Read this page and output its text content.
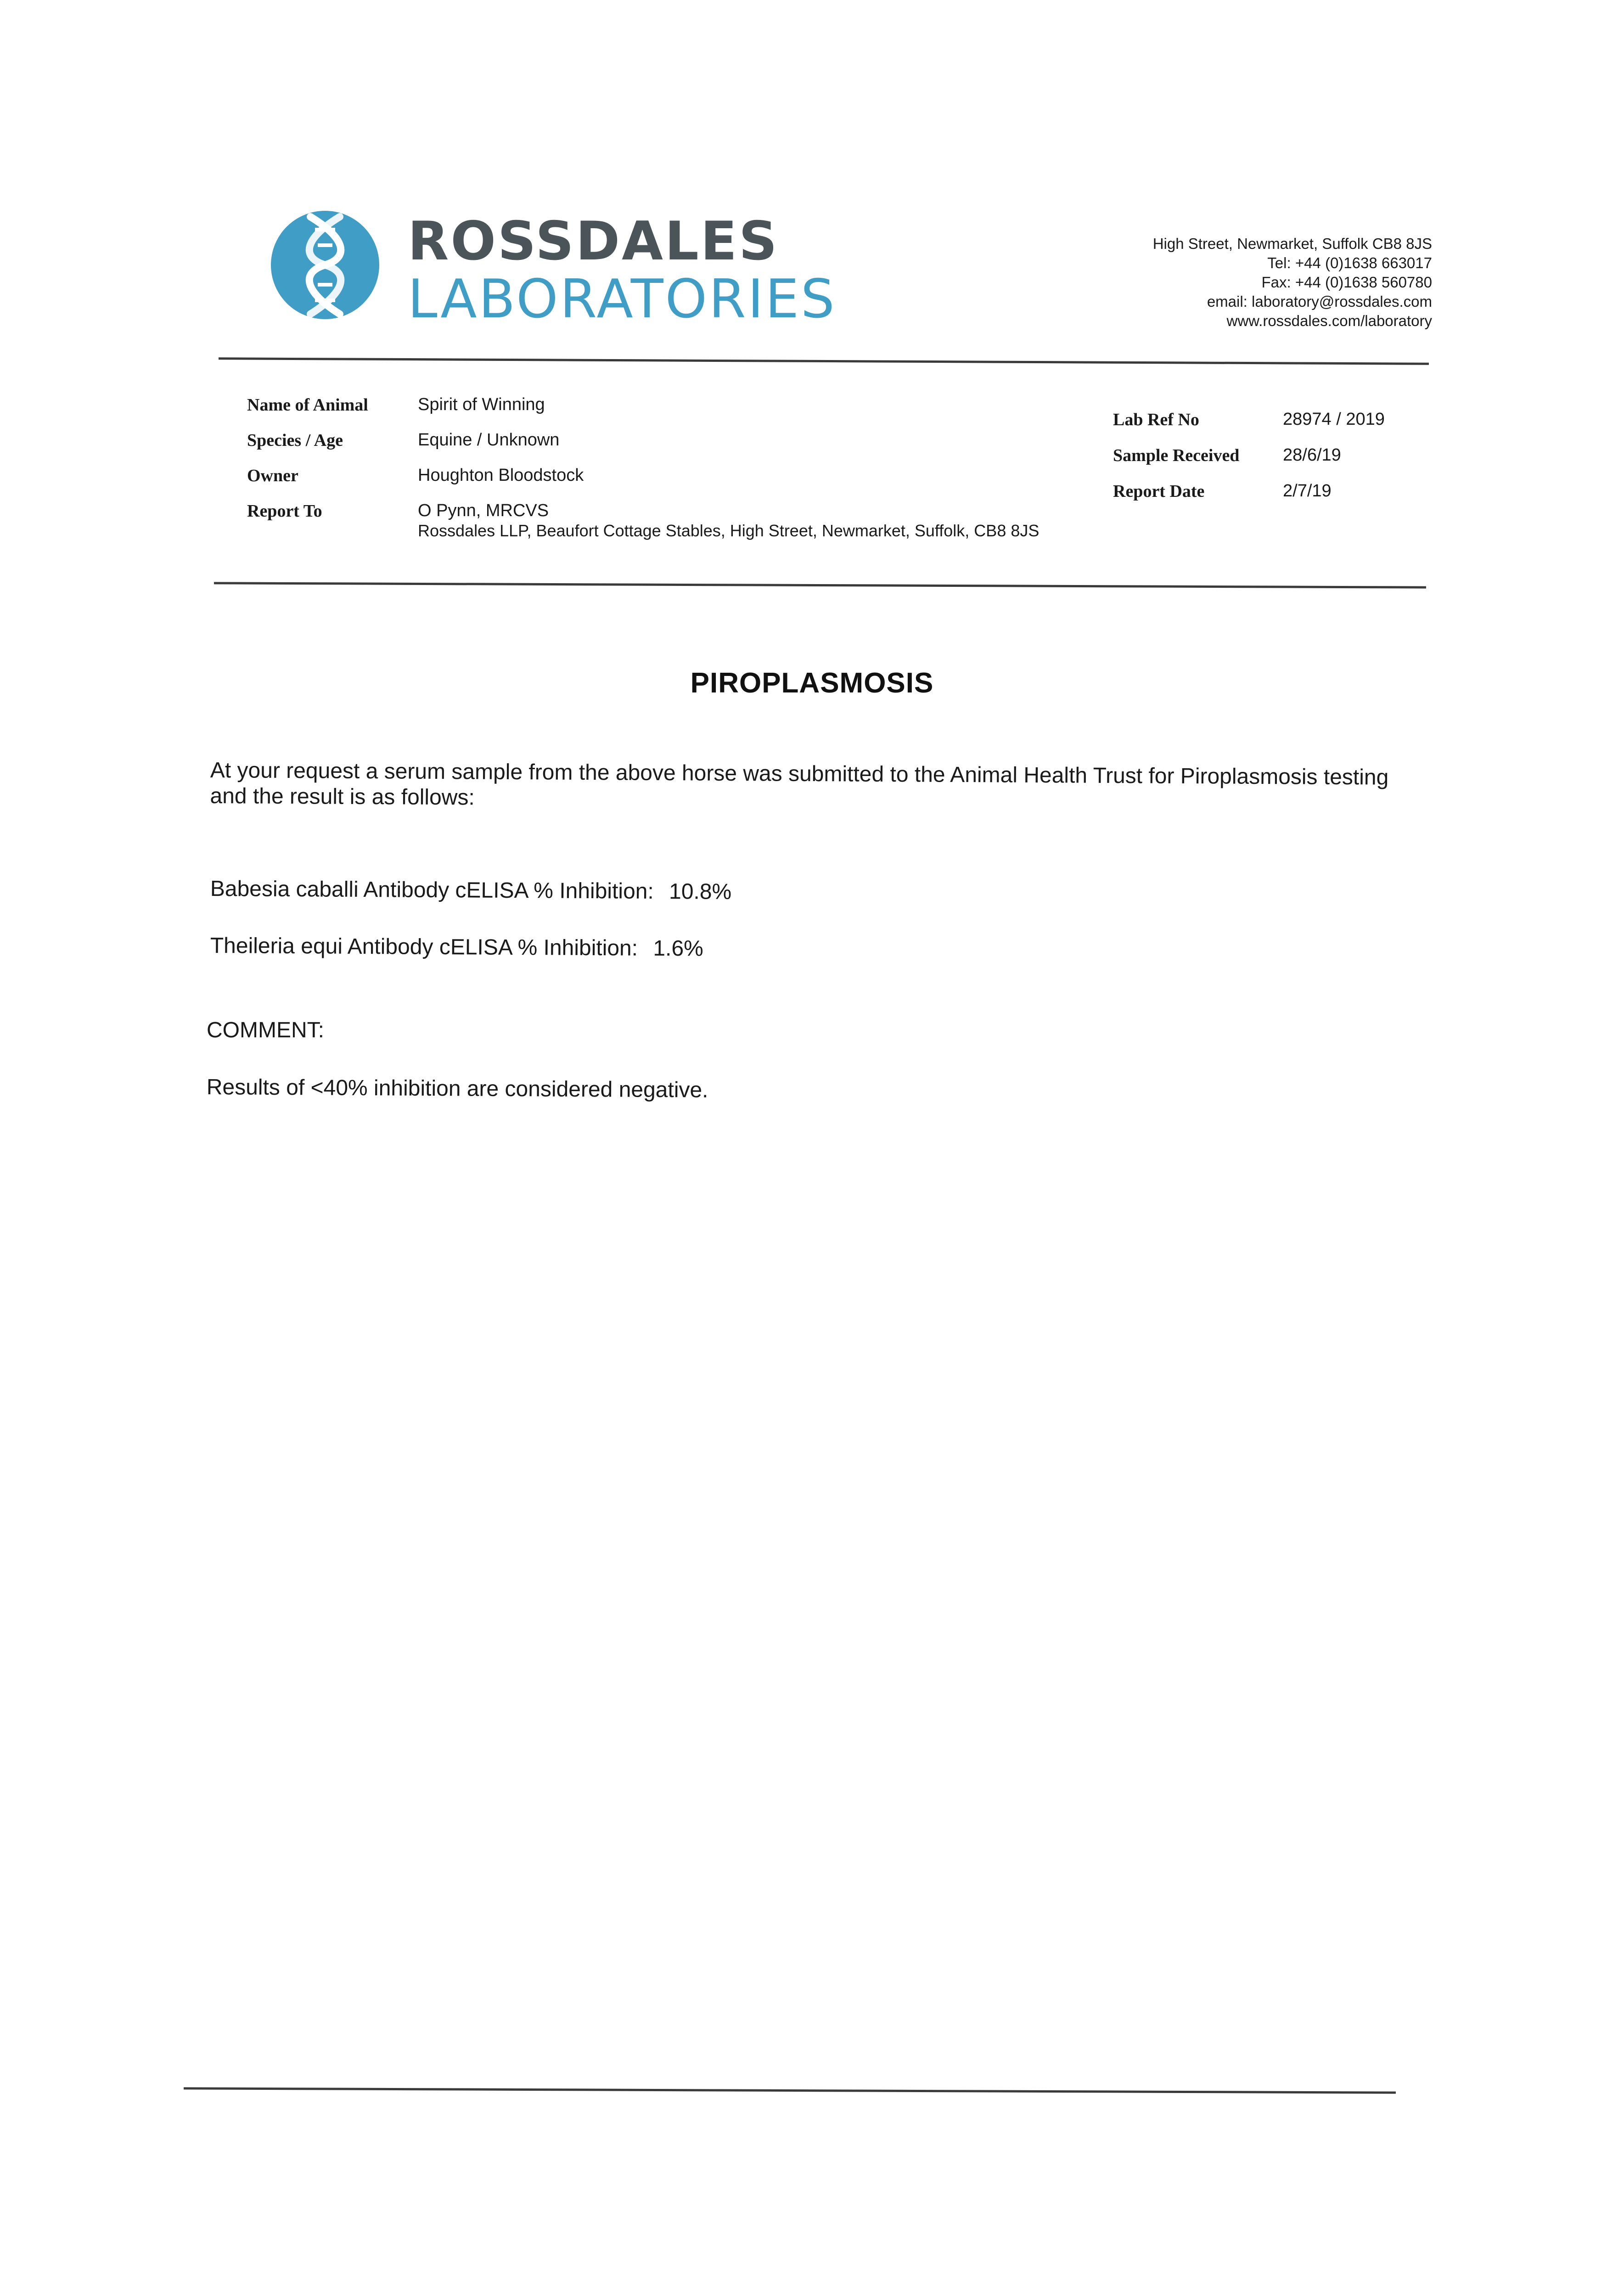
ROSSDALES
LABORATORIES
High Street, Newmarket, Suffolk CB8 8JS
Tel: +44 (0)1638 663017
Fax: +44 (0)1638 560780
email: laboratory@rossdales.com
www.rossdales.com/laboratory
Name of Animal	Spirit of Winning
Species / Age	Equine / Unknown
Owner	Houghton Bloodstock
Report To	O Pynn, MRCVS
Rossdales LLP, Beaufort Cottage Stables, High Street, Newmarket, Suffolk, CB8 8JS
Lab Ref No	28974 / 2019
Sample Received 28/6/19
Report Date	2/7/19
PIROPLASMOSIS
At your request a serum sample from the above horse was submitted to the Animal Health Trust for Piroplasmosis testing and the result is as follows:
Babesia caballi Antibody cELISA % Inhibition: 10.8%
Theileria equi Antibody cELISA % Inhibition: 1.6%
COMMENT:
Results of <40% inhibition are considered negative.
